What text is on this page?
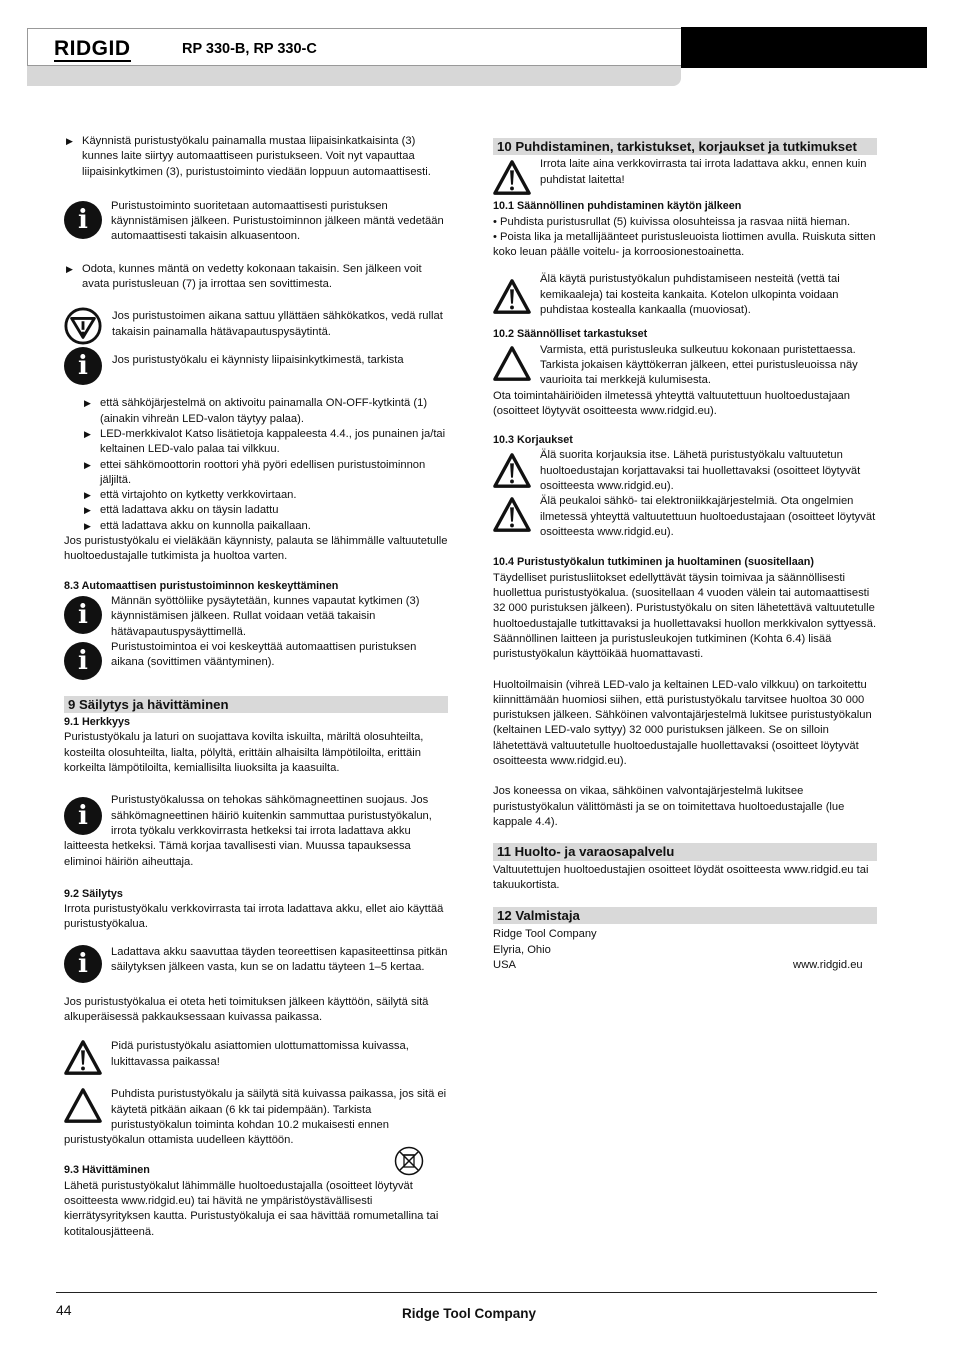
RIDGID	RP 330-B, RP 330-C

▶ Käynnistä puristustyökalu painamalla mustaa liipaisinkatkaisinta (3) kunnes laite siirtyy automaattiseen puristukseen. Voit nyt vapauttaa liipaisinkytkimen (3), puristustoiminto viedään loppuun automaattisesti.

i	Puristustoiminto suoritetaan automaattisesti puristuksen käynnistämisen jälkeen. Puristustoiminnon jälkeen mäntä vedetään automaattisesti takaisin alkuasentoon.

▶ Odota, kunnes mäntä on vedetty kokonaan takaisin. Sen jälkeen voit avata puristusleuan (7) ja irrottaa sen sovittimesta.

Jos puristustoimen aikana sattuu yllättäen sähkökatkos, vedä rullat takaisin painamalla hätävapautuspysäytintä.

i	Jos puristustyökalu ei käynnisty liipaisinkytkimestä, tarkista

▶ että sähköjärjestelmä on aktivoitu painamalla ON-OFF-kytkintä (1) (ainakin vihreän LED-valon täytyy palaa).

▶ LED-merkkivalot Katso lisätietoja kappaleesta 4.4., jos punainen ja/tai keltainen LED-valo palaa tai vilkkuu.

▶ ettei sähkömoottorin roottori yhä pyöri edellisen puristustoiminnon jäljiltä.

▶ että virtajohto on kytketty verkkovirtaan.

▶ että ladattava akku on täysin ladattu

▶ että ladattava akku on kunnolla paikallaan.

Jos puristustyökalu ei vieläkään käynnisty, palauta se lähimmälle valtuutetulle huoltoedustajalle tutkimista ja huoltoa varten.

8.3 Automaattisen puristustoiminnon keskeyttäminen

i	Männän syöttöliike pysäytetään, kunnes vapautat kytkimen (3) käynnistämisen jälkeen. Rullat voidaan vetää takaisin hätävapautuspysäyttimellä.

i	Puristustoimintoa ei voi keskeyttää automaattisen puristuksen aikana (sovittimen vääntyminen).

9 Säilytys ja hävittäminen

9.1 Herkkyys

Puristustyökalu ja laturi on suojattava kovilta iskuilta, märiltä olosuhteilta, kosteilta olosuhteilta, lialta, pölyltä, erittäin alhaisilta lämpötiloilta, erittäin korkeilta lämpötiloilta, kemiallisilta liuoksilta ja kaasuilta.

i

Puristustyökalussa on tehokas sähkömagneettinen suojaus. Jos sähkömagneettinen häiriö kuitenkin sammuttaa puristustyökalun, irrota työkalu verkkovirrasta hetkeksi tai irrota ladattava akku laitteesta hetkeksi. Tämä korjaa tavallisesti vian. Muussa tapauksessa eliminoi häiriön aiheuttaja.

9.2 Säilytys

Irrota puristustyökalu verkkovirrasta tai irrota ladattava akku, ellet aio käyttää puristustyökalua.

i	Ladattava akku saavuttaa täyden teoreettisen kapasiteettinsa pitkän säilytyksen jälkeen vasta, kun se on ladattu täyteen 1–5 kertaa.

Jos puristustyökalua ei oteta heti toimituksen jälkeen käyttöön, säilytä sitä alkuperäisessä pakkauksessaan kuivassa paikassa.

Pidä puristustyökalu asiattomien ulottumattomissa kuivassa, lukittavassa paikassa!

Puhdista puristustyökalu ja säilytä sitä kuivassa paikassa, jos sitä ei käytetä pitkään aikaan (6 kk tai pidempään). Tarkista puristustyökalun toiminta kohdan 10.2 mukaisesti ennen puristustyökalun ottamista uudelleen käyttöön.

9.3 Hävittäminen

Lähetä puristustyökalut lähimmälle huoltoedustajalla (osoitteet löytyvät osoitteesta www.ridgid.eu) tai hävitä ne ympäristöystävällisesti kierrätysyrityksen kautta. Puristustyökaluja ei saa hävittää romumetallina tai kotitalousjätteenä.

10 Puhdistaminen, tarkistukset, korjaukset ja tutkimukset

Irrota laite aina verkkovirrasta tai irrota ladattava akku, ennen kuin puhdistat laitetta!

10.1 Säännöllinen puhdistaminen käytön jälkeen

• Puhdista puristusrullat (5) kuivissa olosuhteissa ja rasvaa niitä hieman.

• Poista lika ja metallijäänteet puristusleuoista liottimen avulla. Ruiskuta sitten koko leuan päälle voitelu- ja korroosionestoainetta.

Älä käytä puristustyökalun puhdistamiseen nesteitä (vettä tai kemikaaleja) tai kosteita kankaita. Kotelon ulkopinta voidaan puhdistaa kostealla kankaalla (muoviosat).

10.2 Säännölliset tarkastukset

Varmista, että puristusleuka sulkeutuu kokonaan puristettaessa. Tarkista jokaisen käyttökerran jälkeen, ettei puristusleuoissa näy vaurioita tai merkkejä kulumisesta.

Ota toimintahäiriöiden ilmetessä yhteyttä valtuutettuun huoltoedustajaan (osoitteet löytyvät osoitteesta www.ridgid.eu).

10.3 Korjaukset

Älä suorita korjauksia itse. Lähetä puristustyökalu valtuutetun huoltoedustajan korjattavaksi tai huollettavaksi (osoitteet löytyvät osoitteesta www.ridgid.eu).

Älä peukaloi sähkö- tai elektroniikkajärjestelmiä. Ota ongelmien ilmetessä yhteyttä valtuutettuun huoltoedustajaan (osoitteet löytyvät osoitteesta www.ridgid.eu).

10.4 Puristustyökalun tutkiminen ja huoltaminen (suositellaan)

Täydelliset puristusliitokset edellyttävät täysin toimivaa ja säännöllisesti huollettua puristustyökalua. (suositellaan 4 vuoden välein tai automaattisesti 32 000 puristuksen jälkeen). Puristustyökalu on siten lähetettävä valtuutetulle huoltoedustajalle tutkittavaksi ja huollettavaksi huollon merkkivalon syttyessä. Säännöllinen laitteen ja puristusleukojen tutkiminen (Kohta 6.4) lisää puristustyökalun käyttöikää huomattavasti.

Huoltoilmaisin (vihreä LED-valo ja keltainen LED-valo vilkkuu) on tarkoitettu kiinnittämään huomiosi siihen, että puristustyökalu tarvitsee huoltoa 30 000 puristuksen jälkeen. Sähköinen valvontajärjestelmä lukitsee puristustyökalun (keltainen LED-valo syttyy) 32 000 puristuksen jälkeen. Se on silloin lähetettävä valtuutetulle huoltoedustajalle huollettavaksi (osoitteet löytyvät osoitteesta www.ridgid.eu).

Jos koneessa on vikaa, sähköinen valvontajärjestelmä lukitsee puristustyökalun välittömästi ja se on toimitettava huoltoedustajalle (lue kappale 4.4).

11 Huolto- ja varaosapalvelu

Valtuutettujen huoltoedustajien osoitteet löydät osoitteesta www.ridgid.eu tai takuukortista.

12 Valmistaja

Ridge Tool Company

Elyria, Ohio

USA	www.ridgid.eu

44	Ridge Tool Company
